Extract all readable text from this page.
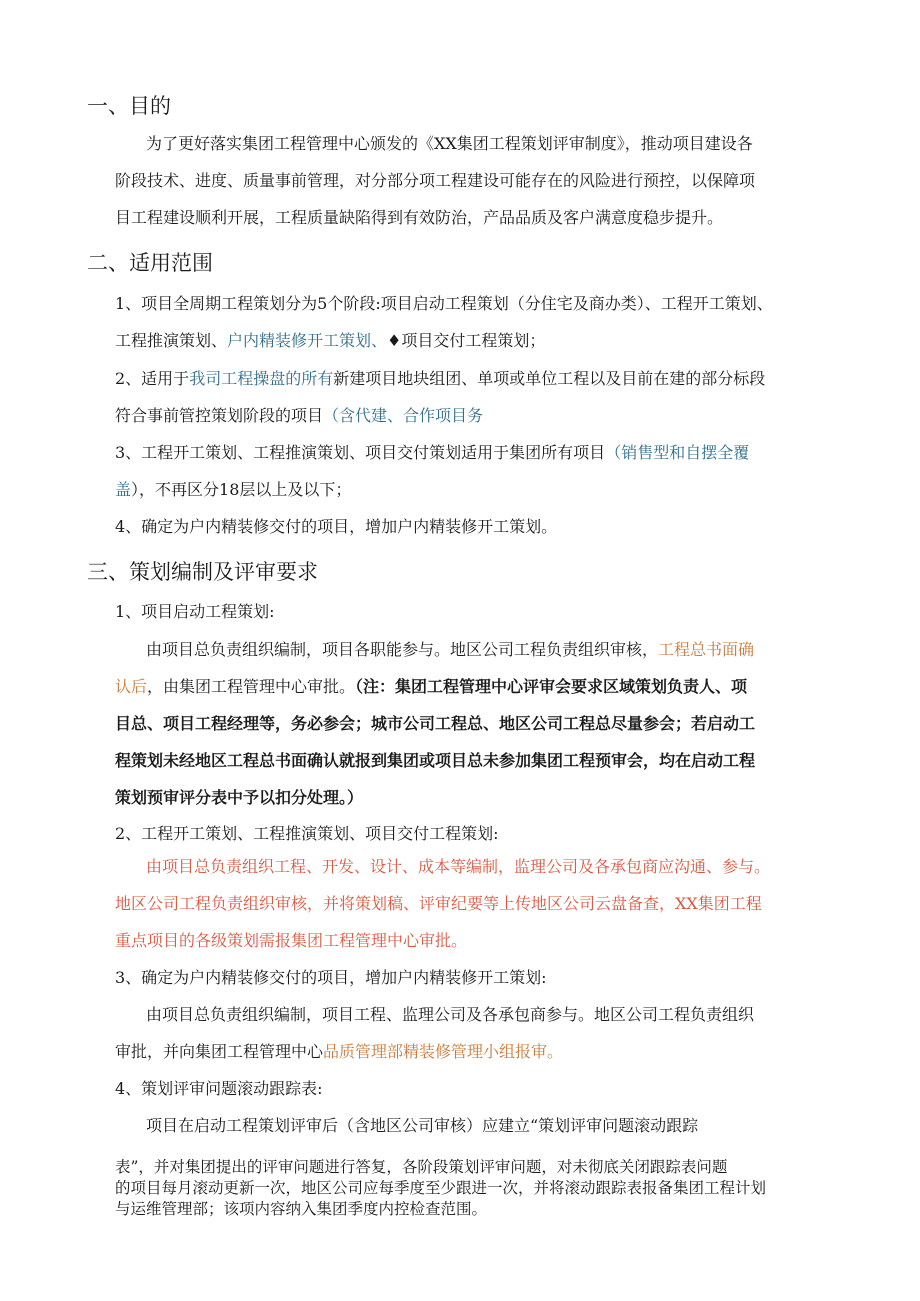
一、目的
为了更好落实集团工程管理中心颁发的《XX集团工程策划评审制度》，推动项目建设各
阶段技术、进度、质量事前管理，对分部分项工程建设可能存在的风险进行预控，以保障项
目工程建设顺利开展，工程质量缺陷得到有效防治，产品品质及客户满意度稳步提升。
二、适用范围
1、项目全周期工程策划分为5个阶段:项目启动工程策划（分住宅及商办类）、工程开工策划、
工程推演策划、户内精装修开工策划、♦项目交付工程策划；
2、适用于我司工程操盘的所有新建项目地块组团、单项或单位工程以及目前在建的部分标段
符合事前管控策划阶段的项目（含代建、合作项目务
3、工程开工策划、工程推演策划、项目交付策划适用于集团所有项目（销售型和自摆全覆
盖），不再区分18层以上及以下；
4、确定为户内精装修交付的项目，增加户内精装修开工策划。
三、策划编制及评审要求
1、项目启动工程策划:
由项目总负责组织编制，项目各职能参与。地区公司工程负责组织审核，工程总书面确
认后，由集团工程管理中心审批。（注：集团工程管理中心评审会要求区域策划负责人、项
目总、项目工程经理等，务必参会；城市公司工程总、地区公司工程总尽量参会；若启动工
程策划未经地区工程总书面确认就报到集团或项目总未参加集团工程预审会，均在启动工程
策划预审评分表中予以扣分处理。）
2、工程开工策划、工程推演策划、项目交付工程策划:
由项目总负责组织工程、开发、设计、成本等编制，监理公司及各承包商应沟通、参与。
地区公司工程负责组织审核，并将策划稿、评审纪要等上传地区公司云盘备查，XX集团工程
重点项目的各级策划需报集团工程管理中心审批。
3、确定为户内精装修交付的项目，增加户内精装修开工策划:
由项目总负责组织编制，项目工程、监理公司及各承包商参与。地区公司工程负责组织
审批，并向集团工程管理中心品质管理部精装修管理小组报审。
4、策划评审问题滚动跟踪表:
项目在启动工程策划评审后（含地区公司审核）应建立“策划评审问题滚动跟踪
表”，并对集团提出的评审问题进行答复，各阶段策划评审问题，对未彻底关闭跟踪表问题
的项目每月滚动更新一次，地区公司应每季度至少跟进一次，并将滚动跟踪表报备集团工程计划
与运维管理部；该项内容纳入集团季度内控检查范围。
